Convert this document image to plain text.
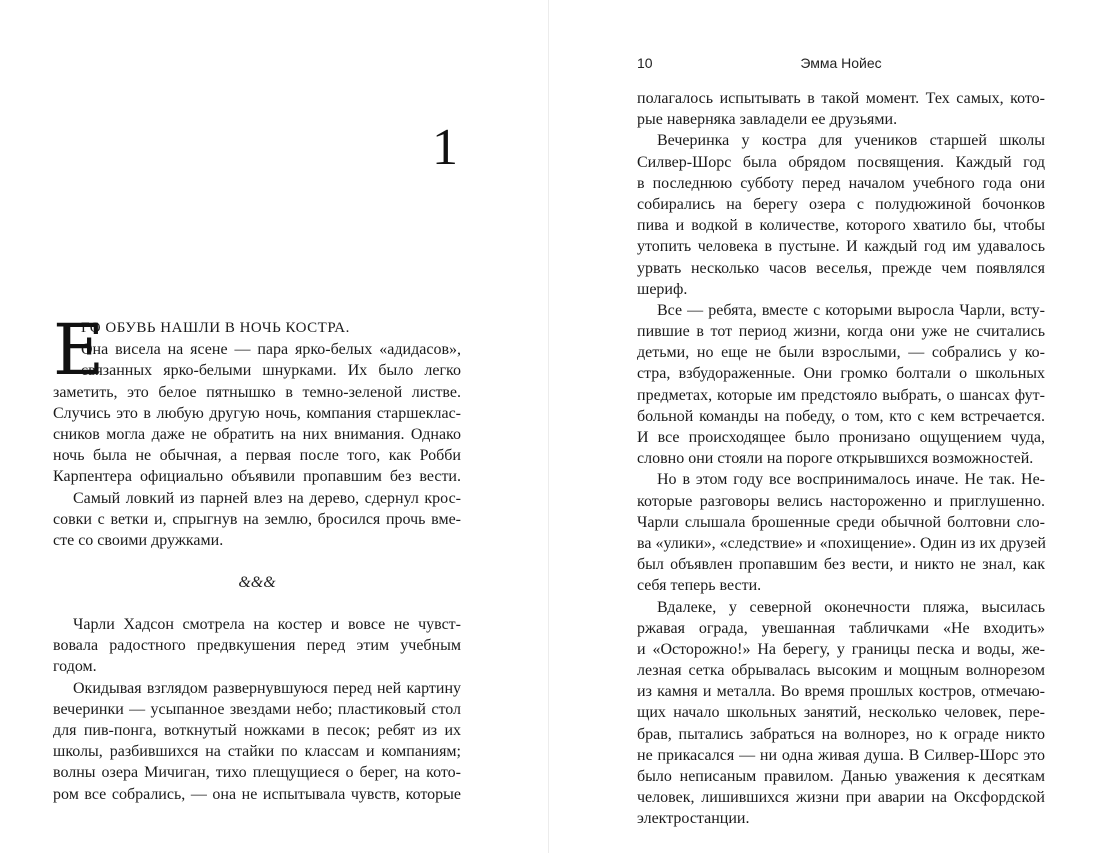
1
Е
ГО ОБУВЬ НАШЛИ В НОЧЬ КОСТРА.
Она висела на ясене — пара ярко-белых «адидасов»,
связанных ярко-белыми шнурками. Их было легко
заметить, это белое пятнышко в темно-зеленой листве.
Случись это в любую другую ночь, компания старшеклас-
сников могла даже не обратить на них внимания. Однако
ночь была не обычная, а первая после того, как Робби
Карпентера официально объявили пропавшим без вести.
Самый ловкий из парней влез на дерево, сдернул крос-
совки с ветки и, спрыгнув на землю, бросился прочь вме-
сте со своими дружками.
&&&
Чарли Хадсон смотрела на костер и вовсе не чувст-
вовала радостного предвкушения перед этим учебным
годом.
Окидывая взглядом развернувшуюся перед ней картину
вечеринки — усыпанное звездами небо; пластиковый стол
для пив-понга, воткнутый ножками в песок; ребят из их
школы, разбившихся на стайки по классам и компаниям;
волны озера Мичиган, тихо плещущиеся о берег, на кото-
ром все собрались, — она не испытывала чувств, которые
10	Эмма Нойес
полагалось испытывать в такой момент. Тех самых, кото-
рые наверняка завладели ее друзьями.
Вечеринка у костра для учеников старшей школы
Силвер-Шорс была обрядом посвящения. Каждый год
в последнюю субботу перед началом учебного года они
собирались на берегу озера с полудюжиной бочонков
пива и водкой в количестве, которого хватило бы, чтобы
утопить человека в пустыне. И каждый год им удавалось
урвать несколько часов веселья, прежде чем появлялся
шериф.
Все — ребята, вместе с которыми выросла Чарли, всту-
пившие в тот период жизни, когда они уже не считались
детьми, но еще не были взрослыми, — собрались у ко-
стра, взбудораженные. Они громко болтали о школьных
предметах, которые им предстояло выбрать, о шансах фут-
больной команды на победу, о том, кто с кем встречается.
И все происходящее было пронизано ощущением чуда,
словно они стояли на пороге открывшихся возможностей.
Но в этом году все воспринималось иначе. Не так. Не-
которые разговоры велись настороженно и приглушенно.
Чарли слышала брошенные среди обычной болтовни сло-
ва «улики», «следствие» и «похищение». Один из их друзей
был объявлен пропавшим без вести, и никто не знал, как
себя теперь вести.
Вдалеке, у северной оконечности пляжа, высилась
ржавая ограда, увешанная табличками «Не входить»
и «Осторожно!» На берегу, у границы песка и воды, же-
лезная сетка обрывалась высоким и мощным волнорезом
из камня и металла. Во время прошлых костров, отмечаю-
щих начало школьных занятий, несколько человек, пере-
брав, пытались забраться на волнорез, но к ограде никто
не прикасался — ни одна живая душа. В Силвер-Шорс это
было неписаным правилом. Данью уважения к десяткам
человек, лишившихся жизни при аварии на Оксфордской
электростанции.
